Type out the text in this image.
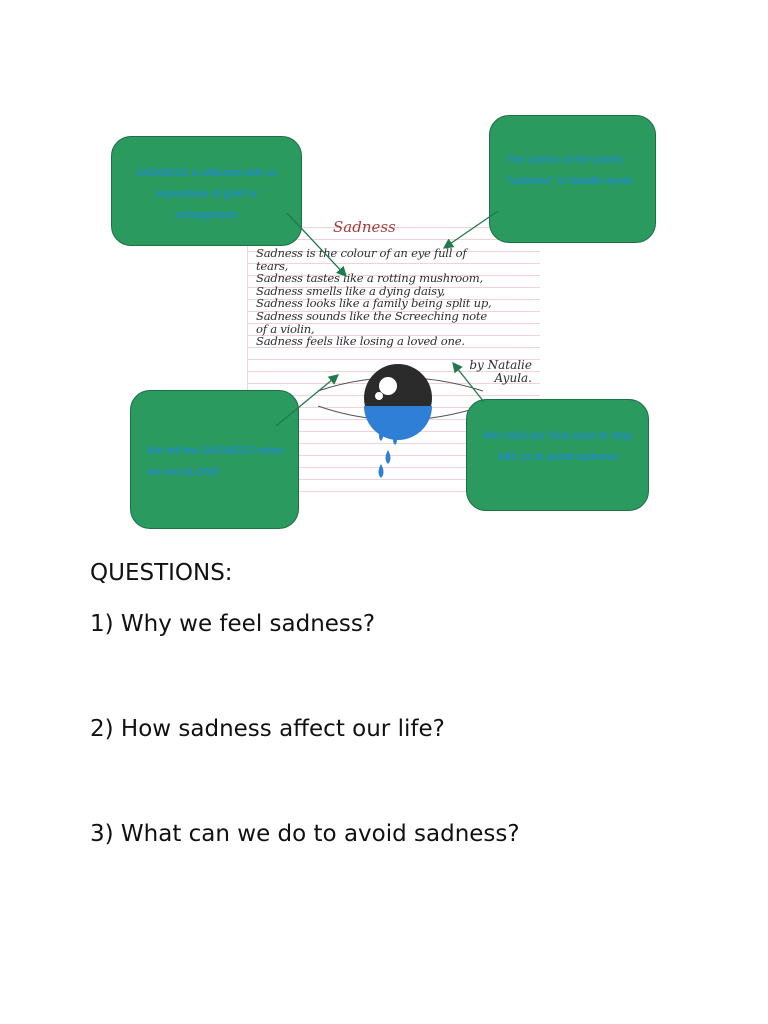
Sadness
Sadness is the colour of an eye full of
tears,
Sadness tastes like a rotting mushroom,
Sadness smells like a dying daisy,
Sadness looks like a family being split up,
Sadness sounds like the Screeching note
of a violin,
Sadness feels like losing a loved one.
by Natalie
Ayula.
SADNESS is affected with or expressive of grief or unhappiness
The author of the poetry “sadness” is Natalie Ayula
We fell the SADNESS when we are ALONE
We need our love ones to stay with us to avoid sadness
QUESTIONS:
1) Why we feel sadness?
2) How sadness affect our life?
3) What can we do to avoid sadness?
